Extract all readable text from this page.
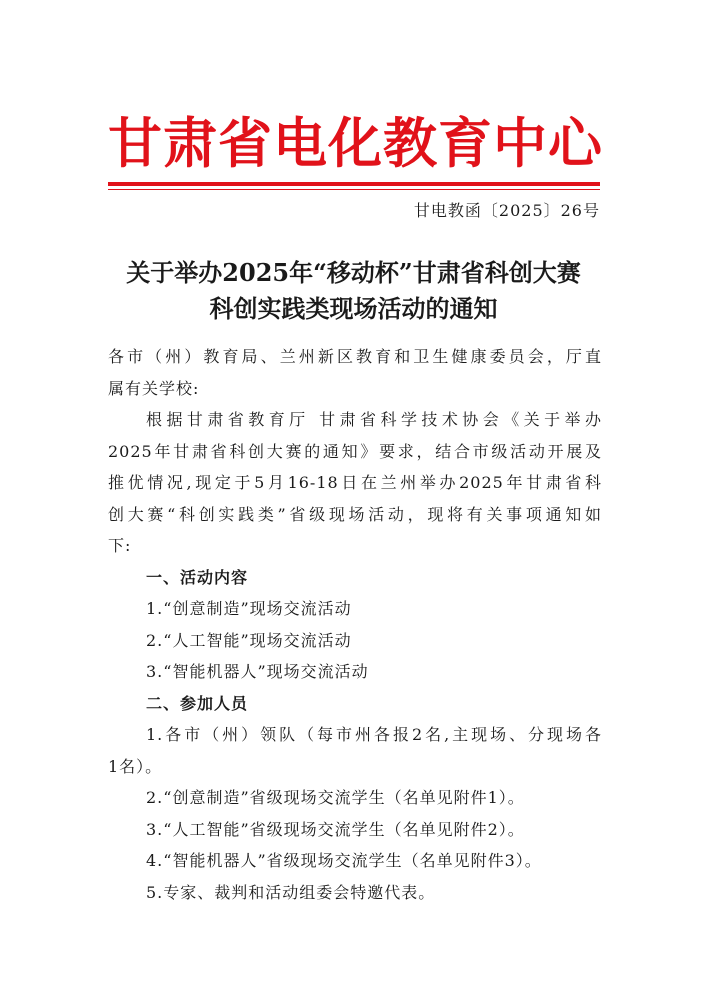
甘肃省电化教育中心
甘电教函〔2025〕26号
关于举办2025年“移动杯”甘肃省科创大赛
科创实践类现场活动的通知
各市（州）教育局、兰州新区教育和卫生健康委员会，厅直
属有关学校:
根据甘肃省教育厅 甘肃省科学技术协会《关于举办
2025年甘肃省科创大赛的通知》要求，结合市级活动开展及
推优情况,现定于5月16-18日在兰州举办2025年甘肃省科
创大赛“科创实践类”省级现场活动，现将有关事项通知如
下:
一、活动内容
1.“创意制造”现场交流活动
2.“人工智能”现场交流活动
3.“智能机器人”现场交流活动
二、参加人员
1.各市（州）领队（每市州各报2名,主现场、分现场各
1名）。
2.“创意制造”省级现场交流学生（名单见附件1）。
3.“人工智能”省级现场交流学生（名单见附件2）。
4.“智能机器人”省级现场交流学生（名单见附件3）。
5.专家、裁判和活动组委会特邀代表。
